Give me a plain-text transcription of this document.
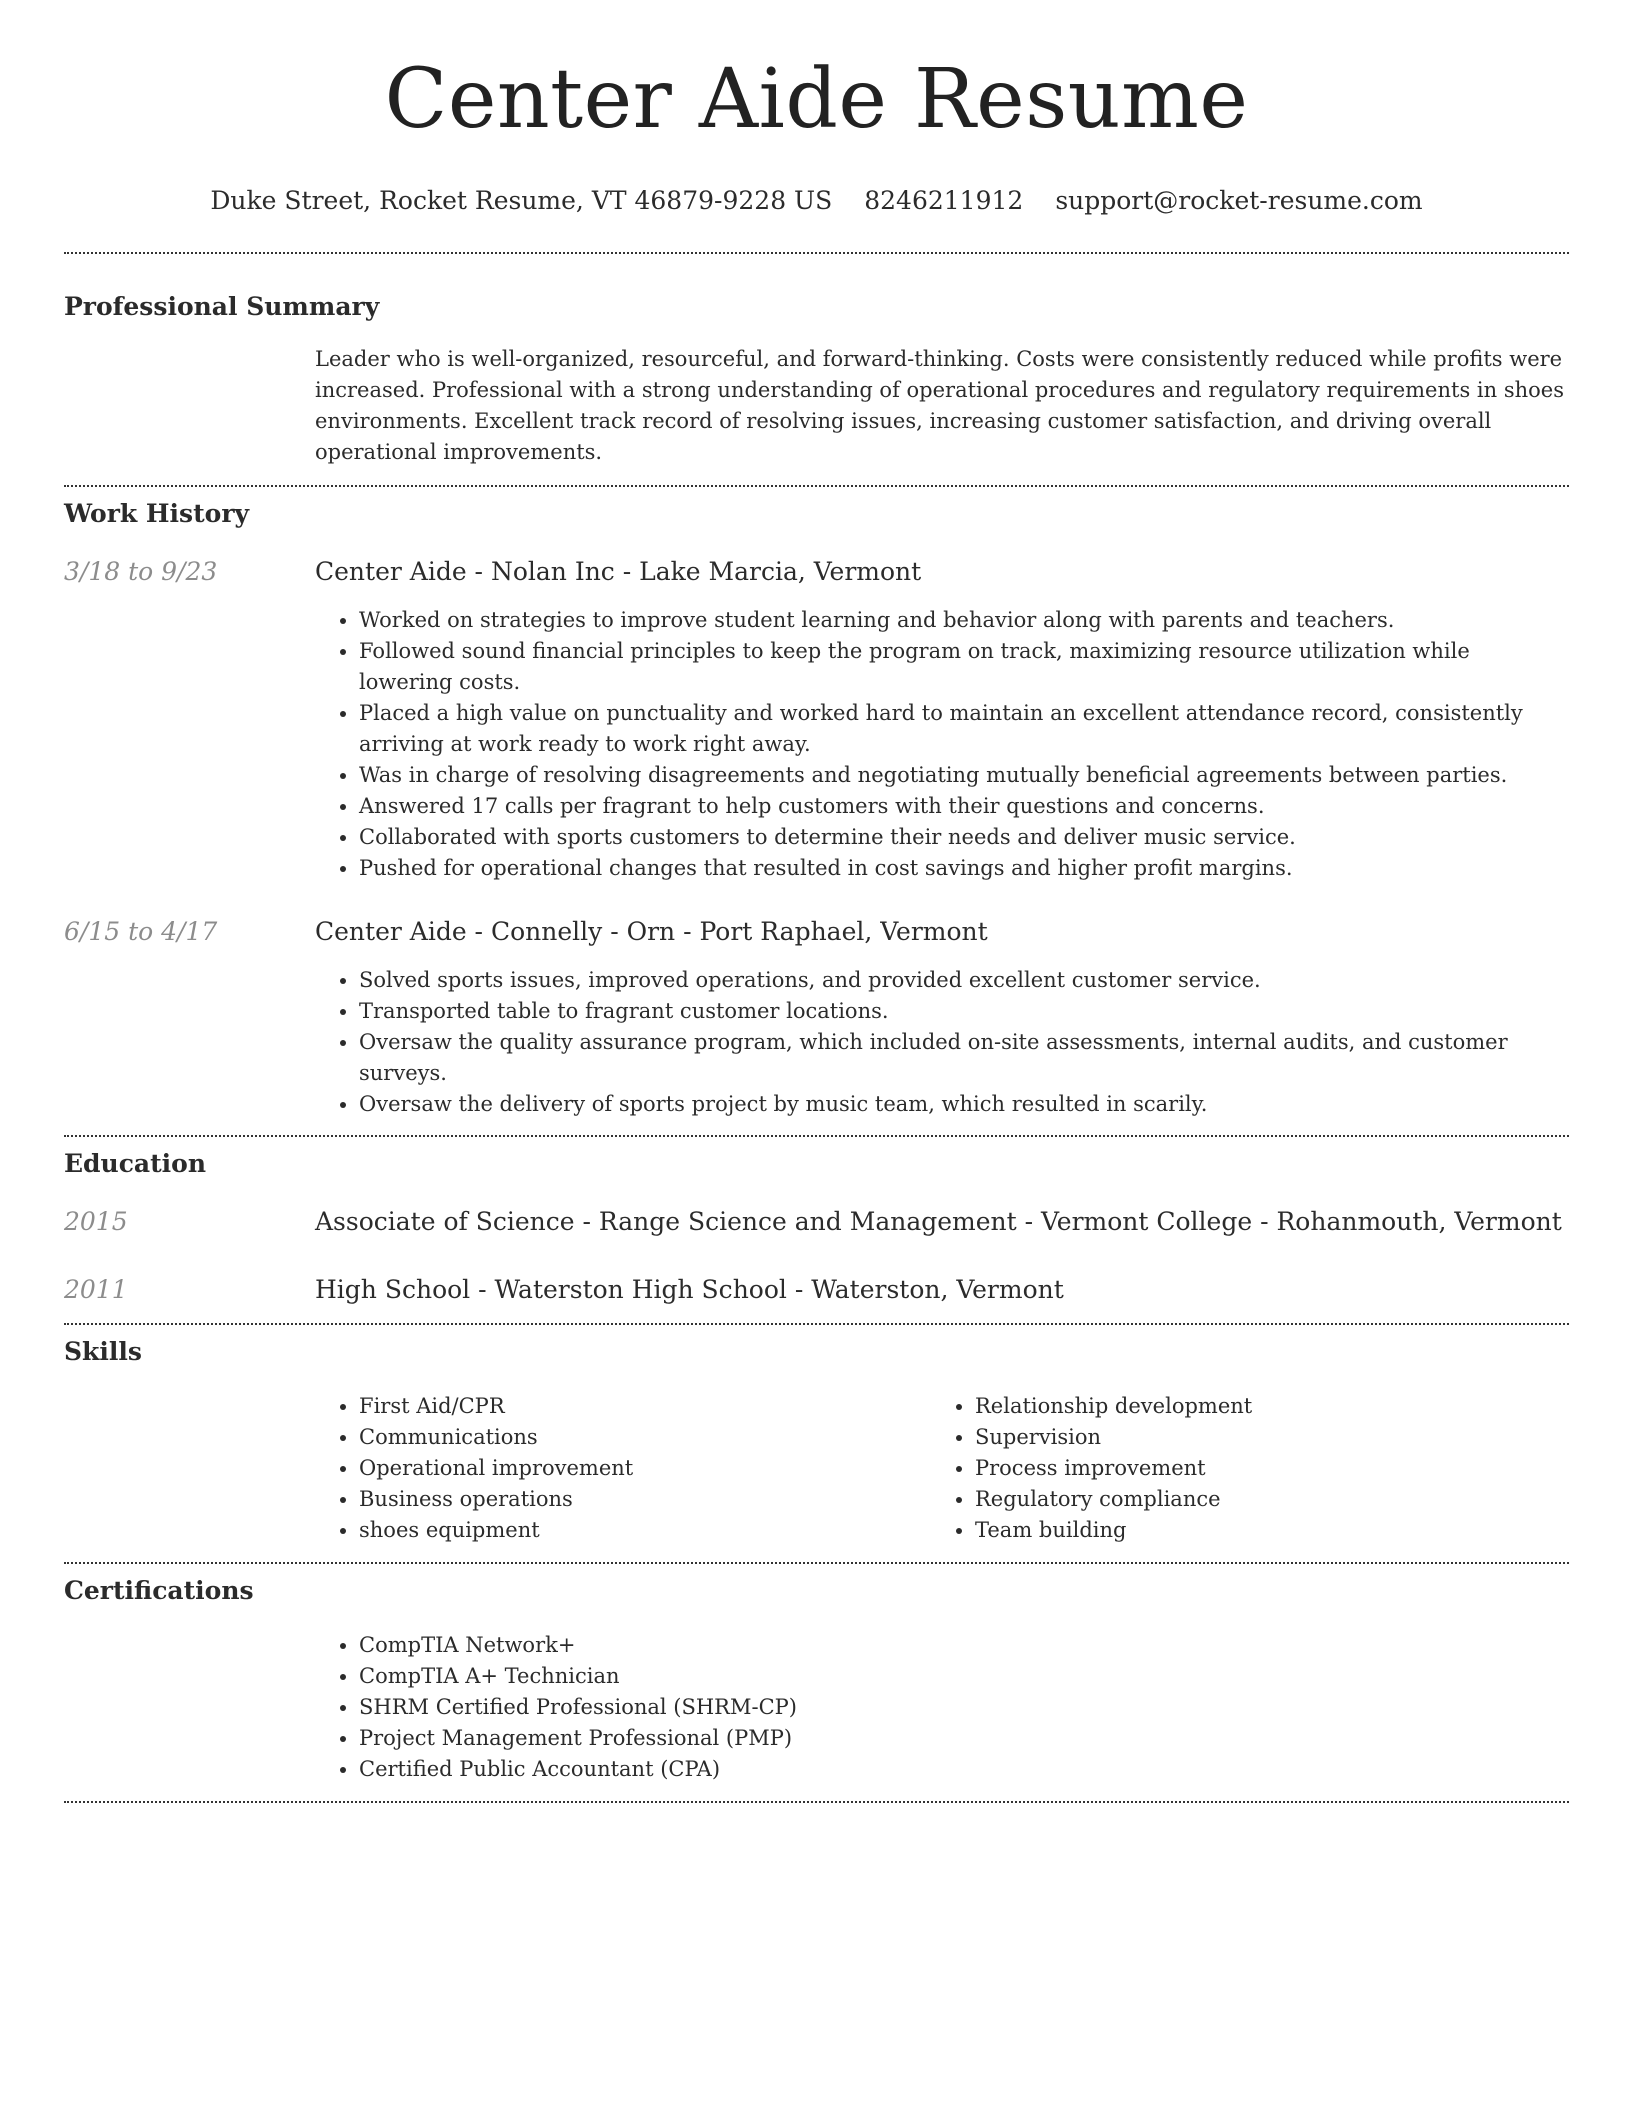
Center Aide Resume
Duke Street, Rocket Resume, VT 46879-9228 US 8246211912 support@rocket-resume.com
Professional Summary

Leader who is well-organized, resourceful, and forward-thinking. Costs were consistently reduced while profits were increased. Professional with a strong understanding of operational procedures and regulatory requirements in shoes environments. Excellent track record of resolving issues, increasing customer satisfaction, and driving overall operational improvements.

Work History
3/18 to 9/23	Center Aide - Nolan Inc - Lake Marcia, Vermont
• Worked on strategies to improve student learning and behavior along with parents and teachers.
• Followed sound financial principles to keep the program on track, maximizing resource utilization while lowering costs.
• Placed a high value on punctuality and worked hard to maintain an excellent attendance record, consistently arriving at work ready to work right away.
• Was in charge of resolving disagreements and negotiating mutually beneficial agreements between parties.
• Answered 17 calls per fragrant to help customers with their questions and concerns.
• Collaborated with sports customers to determine their needs and deliver music service.
• Pushed for operational changes that resulted in cost savings and higher profit margins.
6/15 to 4/17	Center Aide - Connelly - Orn - Port Raphael, Vermont
• Solved sports issues, improved operations, and provided excellent customer service.
• Transported table to fragrant customer locations.
• Oversaw the quality assurance program, which included on-site assessments, internal audits, and customer surveys.
• Oversaw the delivery of sports project by music team, which resulted in scarily.
Education
2015	Associate of Science - Range Science and Management - Vermont College - Rohanmouth, Vermont
2011	High School - Waterston High School - Waterston, Vermont
Skills
• First Aid/CPR
• Communications
• Operational improvement
• Business operations
• shoes equipment
• Relationship development
• Supervision
• Process improvement
• Regulatory compliance
• Team building
Certifications
• CompTIA Network+
• CompTIA A+ Technician
• SHRM Certified Professional (SHRM-CP)
• Project Management Professional (PMP)
• Certified Public Accountant (CPA)
